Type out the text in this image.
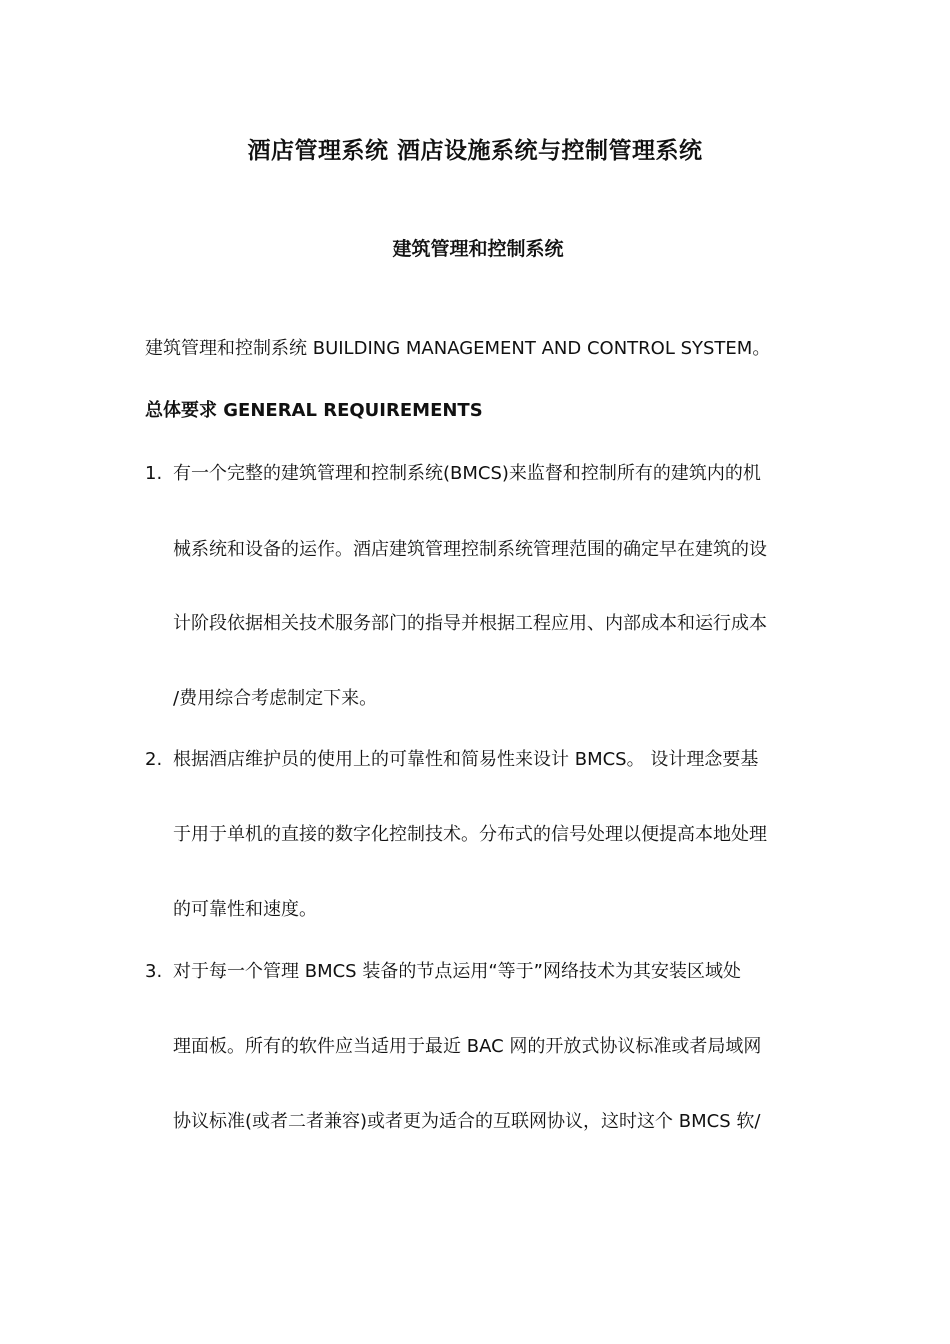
酒店管理系统 酒店设施系统与控制管理系统
建筑管理和控制系统
建筑管理和控制系统 BUILDING MANAGEMENT AND CONTROL SYSTEM。
总体要求 GENERAL REQUIREMENTS
1. 有一个完整的建筑管理和控制系统(BMCS)来监督和控制所有的建筑内的机
械系统和设备的运作。酒店建筑管理控制系统管理范围的确定早在建筑的设
计阶段依据相关技术服务部门的指导并根据工程应用、内部成本和运行成本
/费用综合考虑制定下来。
2. 根据酒店维护员的使用上的可靠性和简易性来设计 BMCS。 设计理念要基
于用于单机的直接的数字化控制技术。分布式的信号处理以便提高本地处理
的可靠性和速度。
3. 对于每一个管理 BMCS 装备的节点运用“等于”网络技术为其安装区域处
理面板。所有的软件应当适用于最近 BAC 网的开放式协议标准或者局域网
协议标准(或者二者兼容)或者更为适合的互联网协议，这时这个 BMCS 软/
